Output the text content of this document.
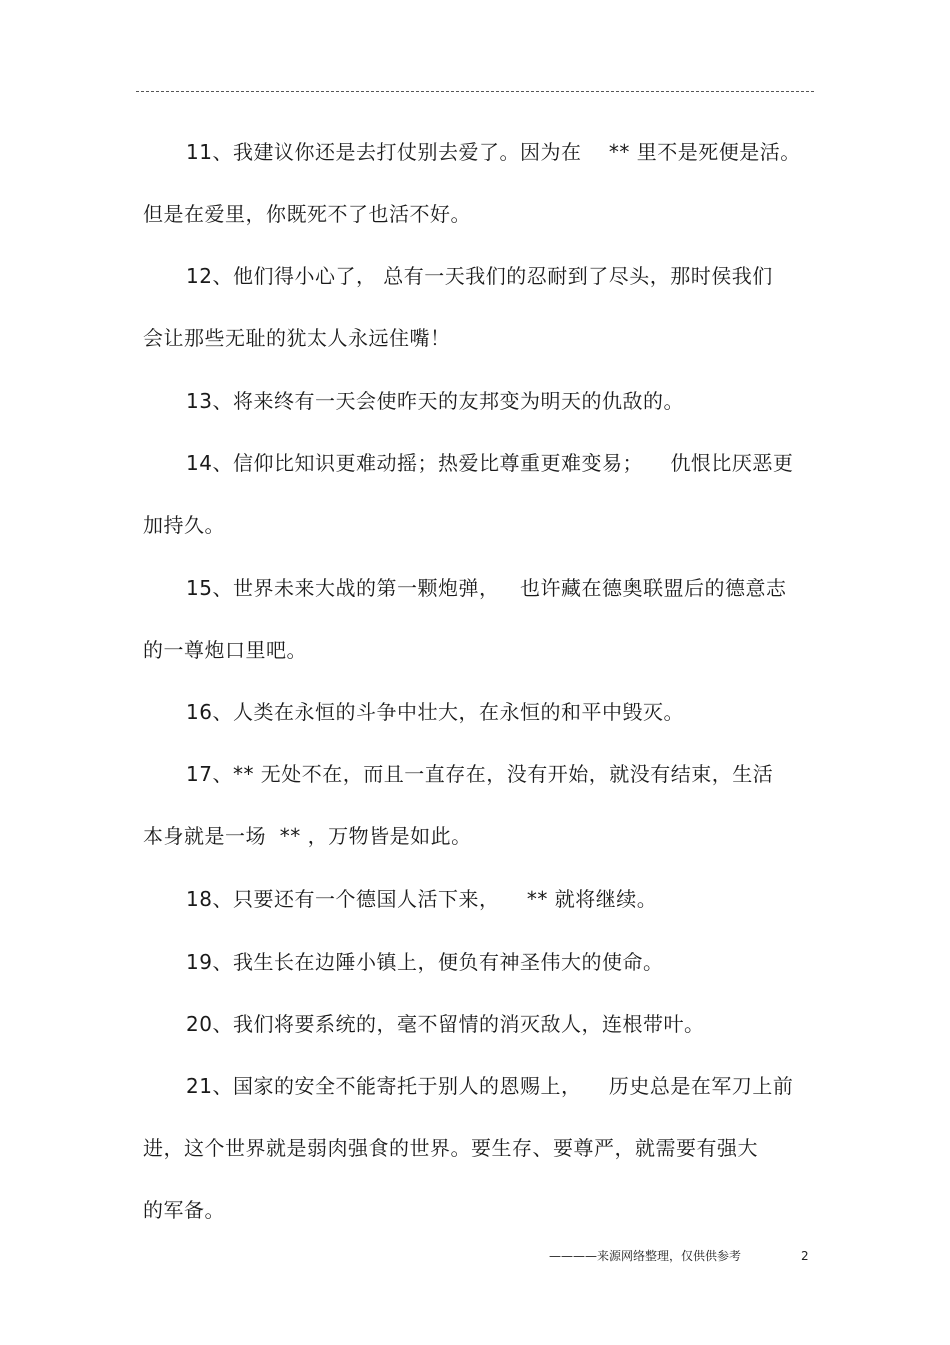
11、我建议你还是去打仗别去爱了。因为在    ** 里不是死便是活。
但是在爱里，你既死不了也活不好。
12、他们得小心了， 总有一天我们的忍耐到了尽头，那时侯我们
会让那些无耻的犹太人永远住嘴！
13、将来终有一天会使昨天的友邦变为明天的仇敌的。
14、信仰比知识更难动摇；热爱比尊重更难变易；    仇恨比厌恶更
加持久。
15、世界未来大战的第一颗炮弹，   也许藏在德奥联盟后的德意志
的一尊炮口里吧。
16、人类在永恒的斗争中壮大，在永恒的和平中毁灭。
17、** 无处不在，而且一直存在，没有开始，就没有结束，生活
本身就是一场  ** ，万物皆是如此。
18、只要还有一个德国人活下来，    ** 就将继续。
19、我生长在边陲小镇上，便负有神圣伟大的使命。
20、我们将要系统的，毫不留情的消灭敌人，连根带叶。
21、国家的安全不能寄托于别人的恩赐上，    历史总是在军刀上前
进，这个世界就是弱肉强食的世界。要生存、要尊严，就需要有强大
的军备。
————来源网络整理，仅供供参考	2
